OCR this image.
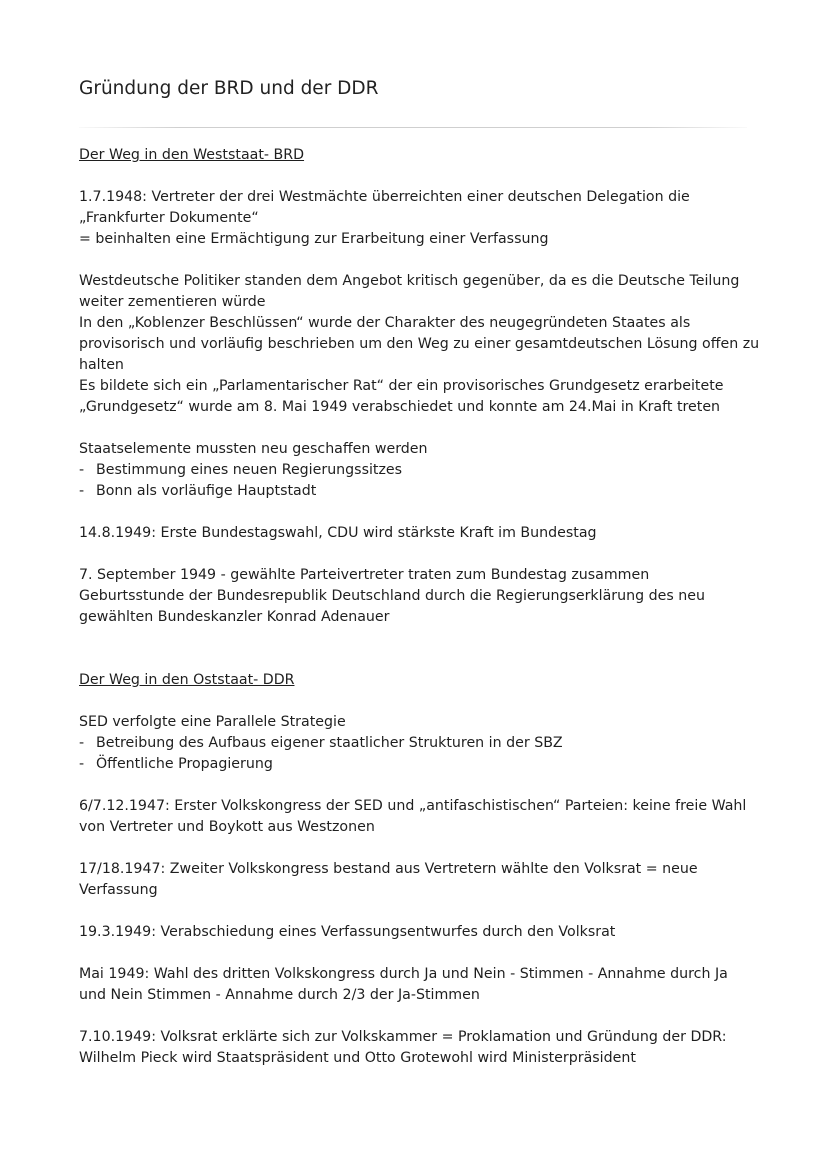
Gründung der BRD und der DDR

Der Weg in den Weststaat- BRD

1.7.1948: Vertreter der drei Westmächte überreichten einer deutschen Delegation die

„Frankfurter Dokumente“

= beinhalten eine Ermächtigung zur Erarbeitung einer Verfassung

Westdeutsche Politiker standen dem Angebot kritisch gegenüber, da es die Deutsche Teilung

weiter zementieren würde

In den „Koblenzer Beschlüssen“ wurde der Charakter des neugegründeten Staates als

provisorisch und vorläufig beschrieben um den Weg zu einer gesamtdeutschen Lösung offen zu

halten

Es bildete sich ein „Parlamentarischer Rat“ der ein provisorisches Grundgesetz erarbeitete

„Grundgesetz“ wurde am 8. Mai 1949 verabschiedet und konnte am 24.Mai in Kraft treten

Staatselemente mussten neu geschaffen werden

- Bestimmung eines neuen Regierungssitzes

- Bonn als vorläufige Hauptstadt

14.8.1949: Erste Bundestagswahl, CDU wird stärkste Kraft im Bundestag

7. September 1949 - gewählte Parteivertreter traten zum Bundestag zusammen

Geburtsstunde der Bundesrepublik Deutschland durch die Regierungserklärung des neu

gewählten Bundeskanzler Konrad Adenauer

Der Weg in den Oststaat- DDR

SED verfolgte eine Parallele Strategie

- Betreibung des Aufbaus eigener staatlicher Strukturen in der SBZ

- Öffentliche Propagierung

6/7.12.1947: Erster Volkskongress der SED und „antifaschistischen“ Parteien: keine freie Wahl

von Vertreter und Boykott aus Westzonen

17/18.1947: Zweiter Volkskongress bestand aus Vertretern wählte den Volksrat = neue

Verfassung

19.3.1949: Verabschiedung eines Verfassungsentwurfes durch den Volksrat

Mai 1949: Wahl des dritten Volkskongress durch Ja und Nein - Stimmen - Annahme durch Ja

und Nein Stimmen - Annahme durch 2/3 der Ja-Stimmen

7.10.1949: Volksrat erklärte sich zur Volkskammer = Proklamation und Gründung der DDR:

Wilhelm Pieck wird Staatspräsident und Otto Grotewohl wird Ministerpräsident
